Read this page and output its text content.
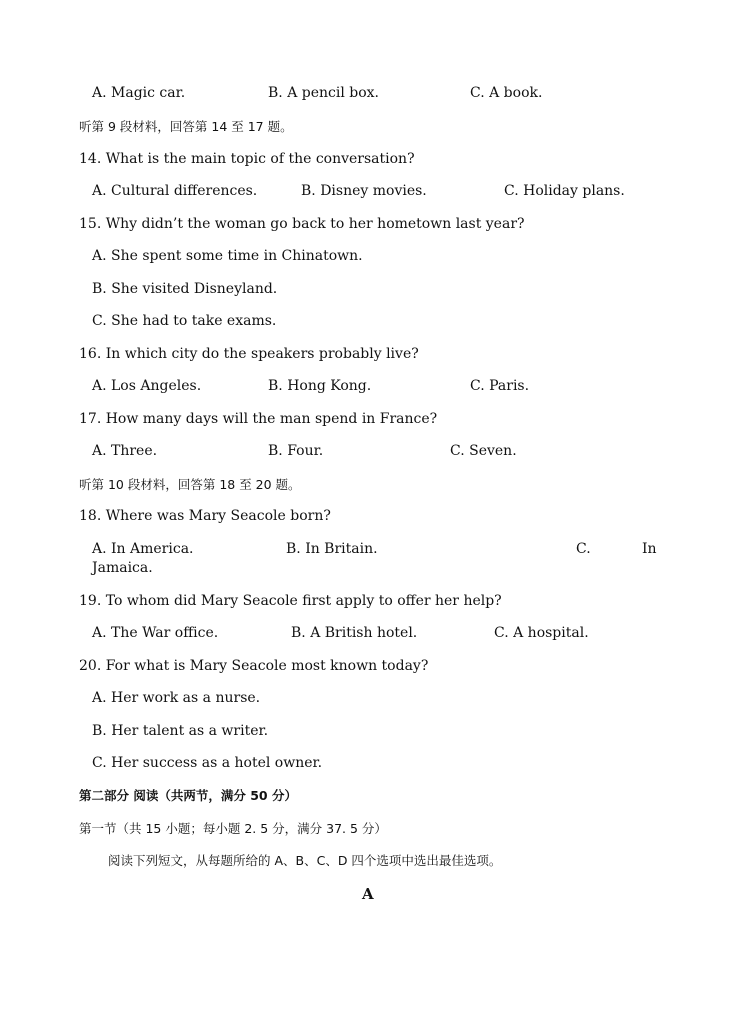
A. Magic car.	B. A pencil box.	C. A book.
听第 9 段材料，回答第 14 至 17 题。
14. What is the main topic of the conversation?
A. Cultural differences.	B. Disney movies.	C. Holiday plans.
15. Why didn’t the woman go back to her hometown last year?
A. She spent some time in Chinatown.
B. She visited Disneyland.
C. She had to take exams.
16. In which city do the speakers probably live?
A. Los Angeles.	B. Hong Kong.	C. Paris.
17. How many days will the man spend in France?
A. Three.	B. Four.	C. Seven.
听第 10 段材料，回答第 18 至 20 题。
18. Where was Mary Seacole born?
A. In America.	B. In Britain.	C.	In
Jamaica.
19. To whom did Mary Seacole first apply to offer her help?
A. The War office.	B. A British hotel.	C. A hospital.
20. For what is Mary Seacole most known today?
A. Her work as a nurse.
B. Her talent as a writer.
C. Her success as a hotel owner.
第二部分 阅读（共两节，满分 50 分）
第一节（共 15 小题；每小题 2. 5 分，满分 37. 5 分）
阅读下列短文，从每题所给的 A、B、C、D 四个选项中选出最佳选项。
A
